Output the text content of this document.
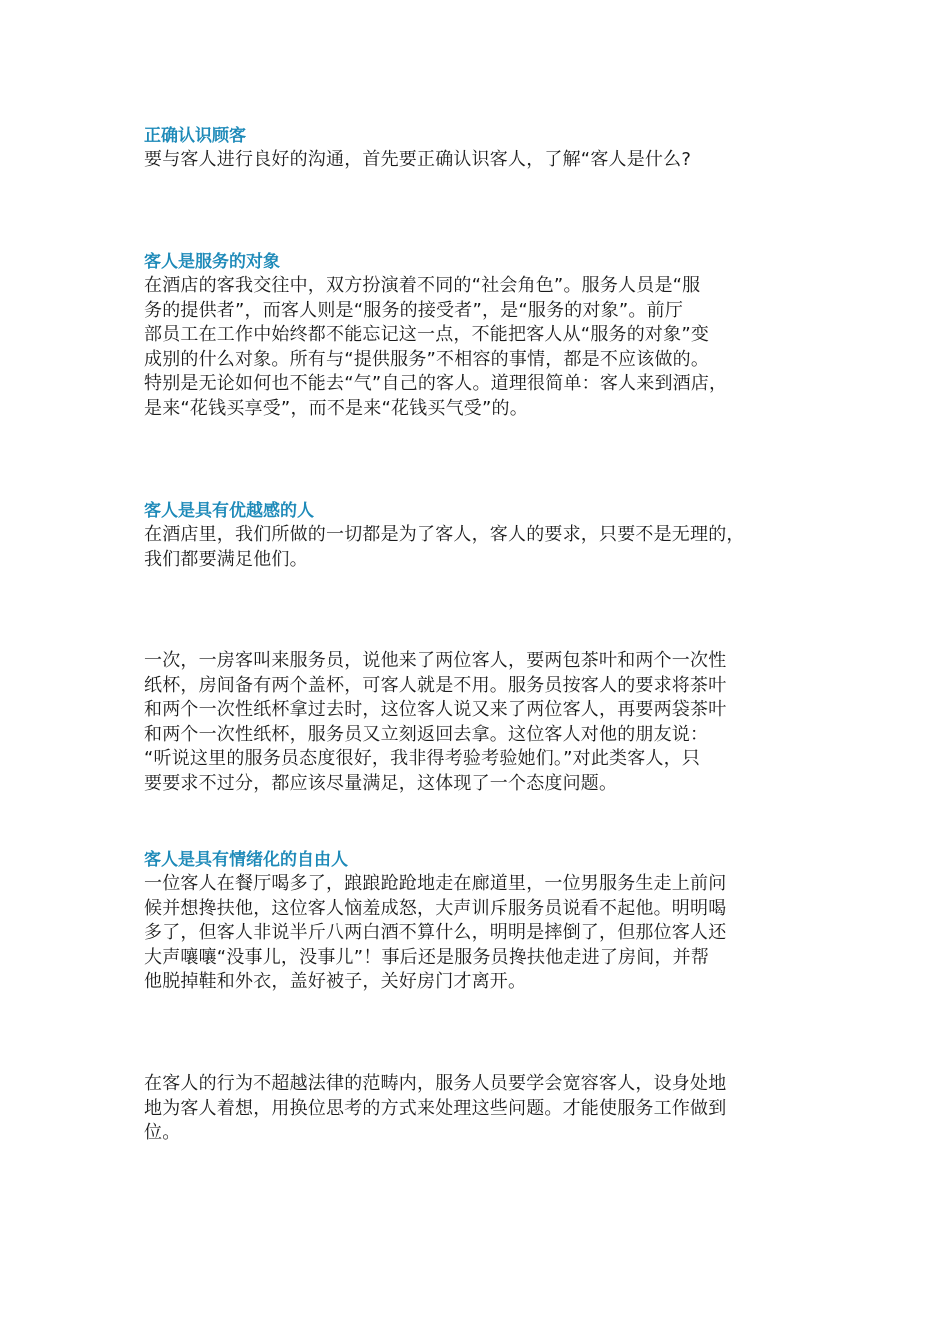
正确认识顾客

要与客人进行良好的沟通，首先要正确认识客人，了解“客人是什么?

客人是服务的对象

在酒店的客我交往中，双方扮演着不同的“社会角色”。服务人员是“服
务的提供者”，而客人则是“服务的接受者”，是“服务的对象”。前厅
部员工在工作中始终都不能忘记这一点，不能把客人从“服务的对象”变
成别的什么对象。所有与“提供服务”不相容的事情，都是不应该做的。
特别是无论如何也不能去“气”自己的客人。道理很简单：客人来到酒店，
是来“花钱买享受”，而不是来“花钱买气受”的。

客人是具有优越感的人

在酒店里，我们所做的一切都是为了客人，客人的要求，只要不是无理的，
我们都要满足他们。

一次，一房客叫来服务员，说他来了两位客人，要两包茶叶和两个一次性
纸杯，房间备有两个盖杯，可客人就是不用。服务员按客人的要求将茶叶
和两个一次性纸杯拿过去时，这位客人说又来了两位客人，再要两袋茶叶
和两个一次性纸杯，服务员又立刻返回去拿。这位客人对他的朋友说：
“听说这里的服务员态度很好，我非得考验考验她们。”对此类客人，只
要要求不过分，都应该尽量满足，这体现了一个态度问题。

客人是具有情绪化的自由人

一位客人在餐厅喝多了，踉踉跄跄地走在廊道里，一位男服务生走上前问
候并想搀扶他，这位客人恼羞成怒，大声训斥服务员说看不起他。明明喝
多了，但客人非说半斤八两白酒不算什么，明明是摔倒了，但那位客人还
大声嚷嚷“没事儿，没事儿”！事后还是服务员搀扶他走进了房间，并帮
他脱掉鞋和外衣，盖好被子，关好房门才离开。

在客人的行为不超越法律的范畴内，服务人员要学会宽容客人，设身处地
地为客人着想，用换位思考的方式来处理这些问题。才能使服务工作做到
位。
